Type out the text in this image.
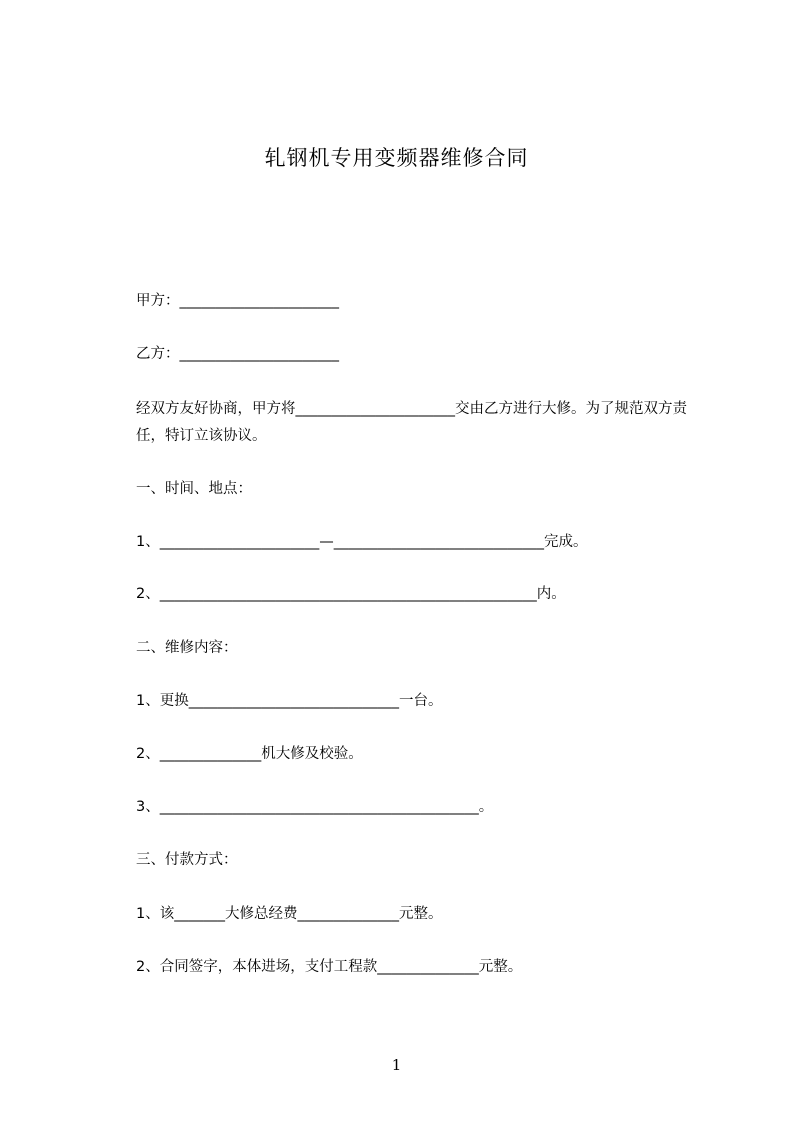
轧钢机专用变频器维修合同
甲方：______________________
乙方：______________________
经双方友好协商，甲方将______________________交由乙方进行大修。为了规范双方责任，特订立该协议。
一、时间、地点：
1、______________________—_____________________________完成。
2、____________________________________________________内。
二、维修内容：
1、更换_____________________________一台。
2、______________机大修及校验。
3、____________________________________________。
三、付款方式：
1、该_______大修总经费______________元整。
2、合同签字，本体进场，支付工程款______________元整。
1
